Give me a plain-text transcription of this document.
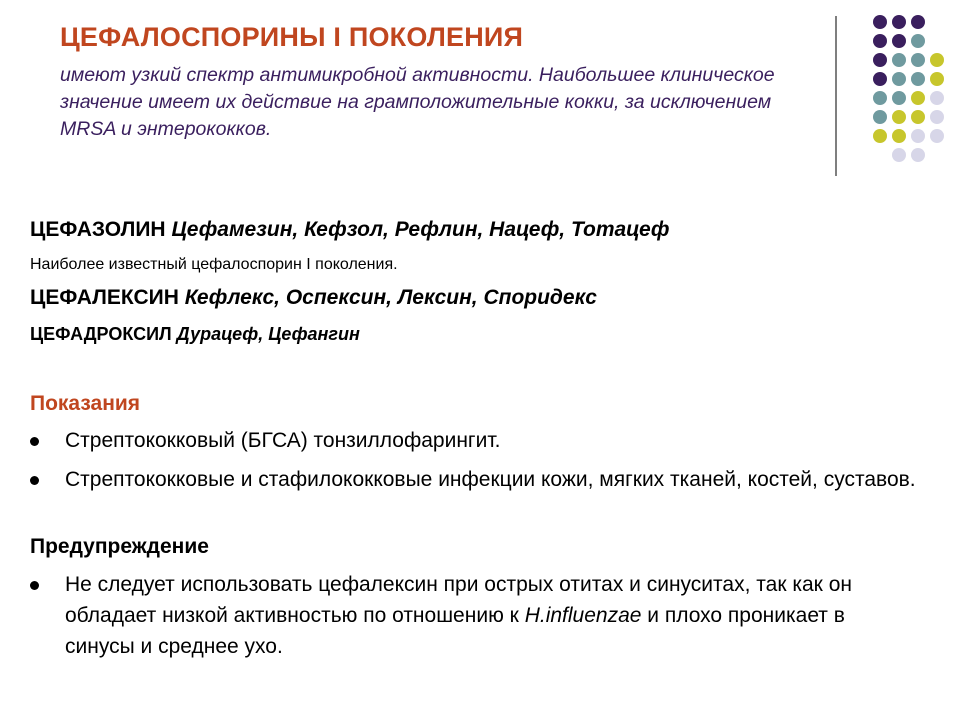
ЦЕФАЛОСПОРИНЫ I ПОКОЛЕНИЯ
имеют узкий спектр антимикробной активности. Наибольшее клиническое значение имеет их действие на грамположительные кокки, за исключением MRSA и энтерококков.
ЦЕФАЗОЛИН Цефамезин, Кефзол, Рефлин, Нацеф, Тотацеф
Наиболее известный цефалоспорин I поколения.
ЦЕФАЛЕКСИН Кефлекс, Оспексин, Лексин, Споридекс
ЦЕФАДРОКСИЛ Дурацеф, Цефангин
Показания
Стрептококковый (БГСА) тонзиллофарингит.
Стрептококковые и стафилококковые инфекции кожи, мягких тканей, костей, суставов.
Предупреждение
Не следует использовать цефалексин при острых отитах и синуситах, так как он обладает низкой активностью по отношению к H.influenzae и плохо проникает в синусы и среднее ухо.
